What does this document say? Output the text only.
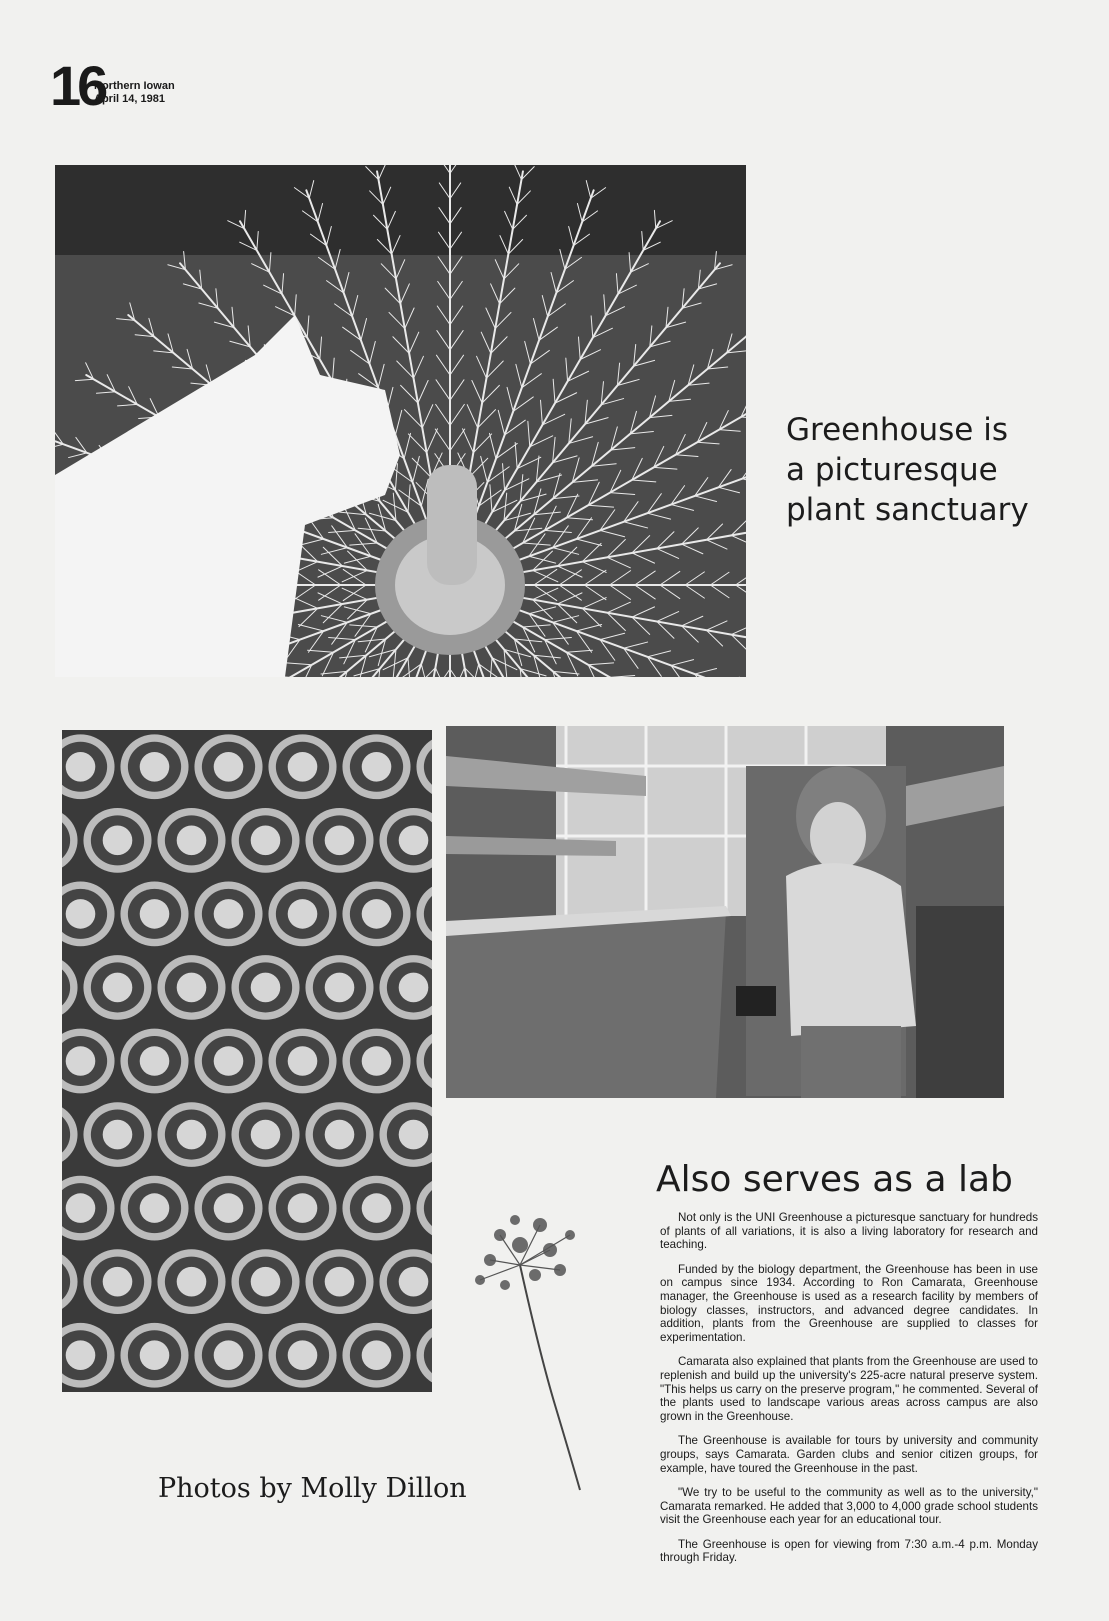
16
Northern Iowan
April 14, 1981
Greenhouse is
a picturesque
plant sanctuary
Also serves as a lab
Photos by Molly Dillon

Not only is the UNI Greenhouse a picturesque sanctuary for hundreds of plants of all variations, it is also a living laboratory for research and teaching.

Funded by the biology department, the Greenhouse has been in use on campus since 1934. According to Ron Camarata, Greenhouse manager, the Greenhouse is used as a research facility by members of biology classes, instructors, and advanced degree candidates. In addition, plants from the Greenhouse are supplied to classes for experimentation.

Camarata also explained that plants from the Greenhouse are used to replenish and build up the university's 225-acre natural preserve system. "This helps us carry on the preserve program," he commented. Several of the plants used to landscape various areas across campus are also grown in the Greenhouse.

The Greenhouse is available for tours by university and community groups, says Camarata. Garden clubs and senior citizen groups, for example, have toured the Greenhouse in the past.

"We try to be useful to the community as well as to the university," Camarata remarked. He added that 3,000 to 4,000 grade school students visit the Greenhouse each year for an educational tour.

The Greenhouse is open for viewing from 7:30 a.m.-4 p.m. Monday through Friday.
